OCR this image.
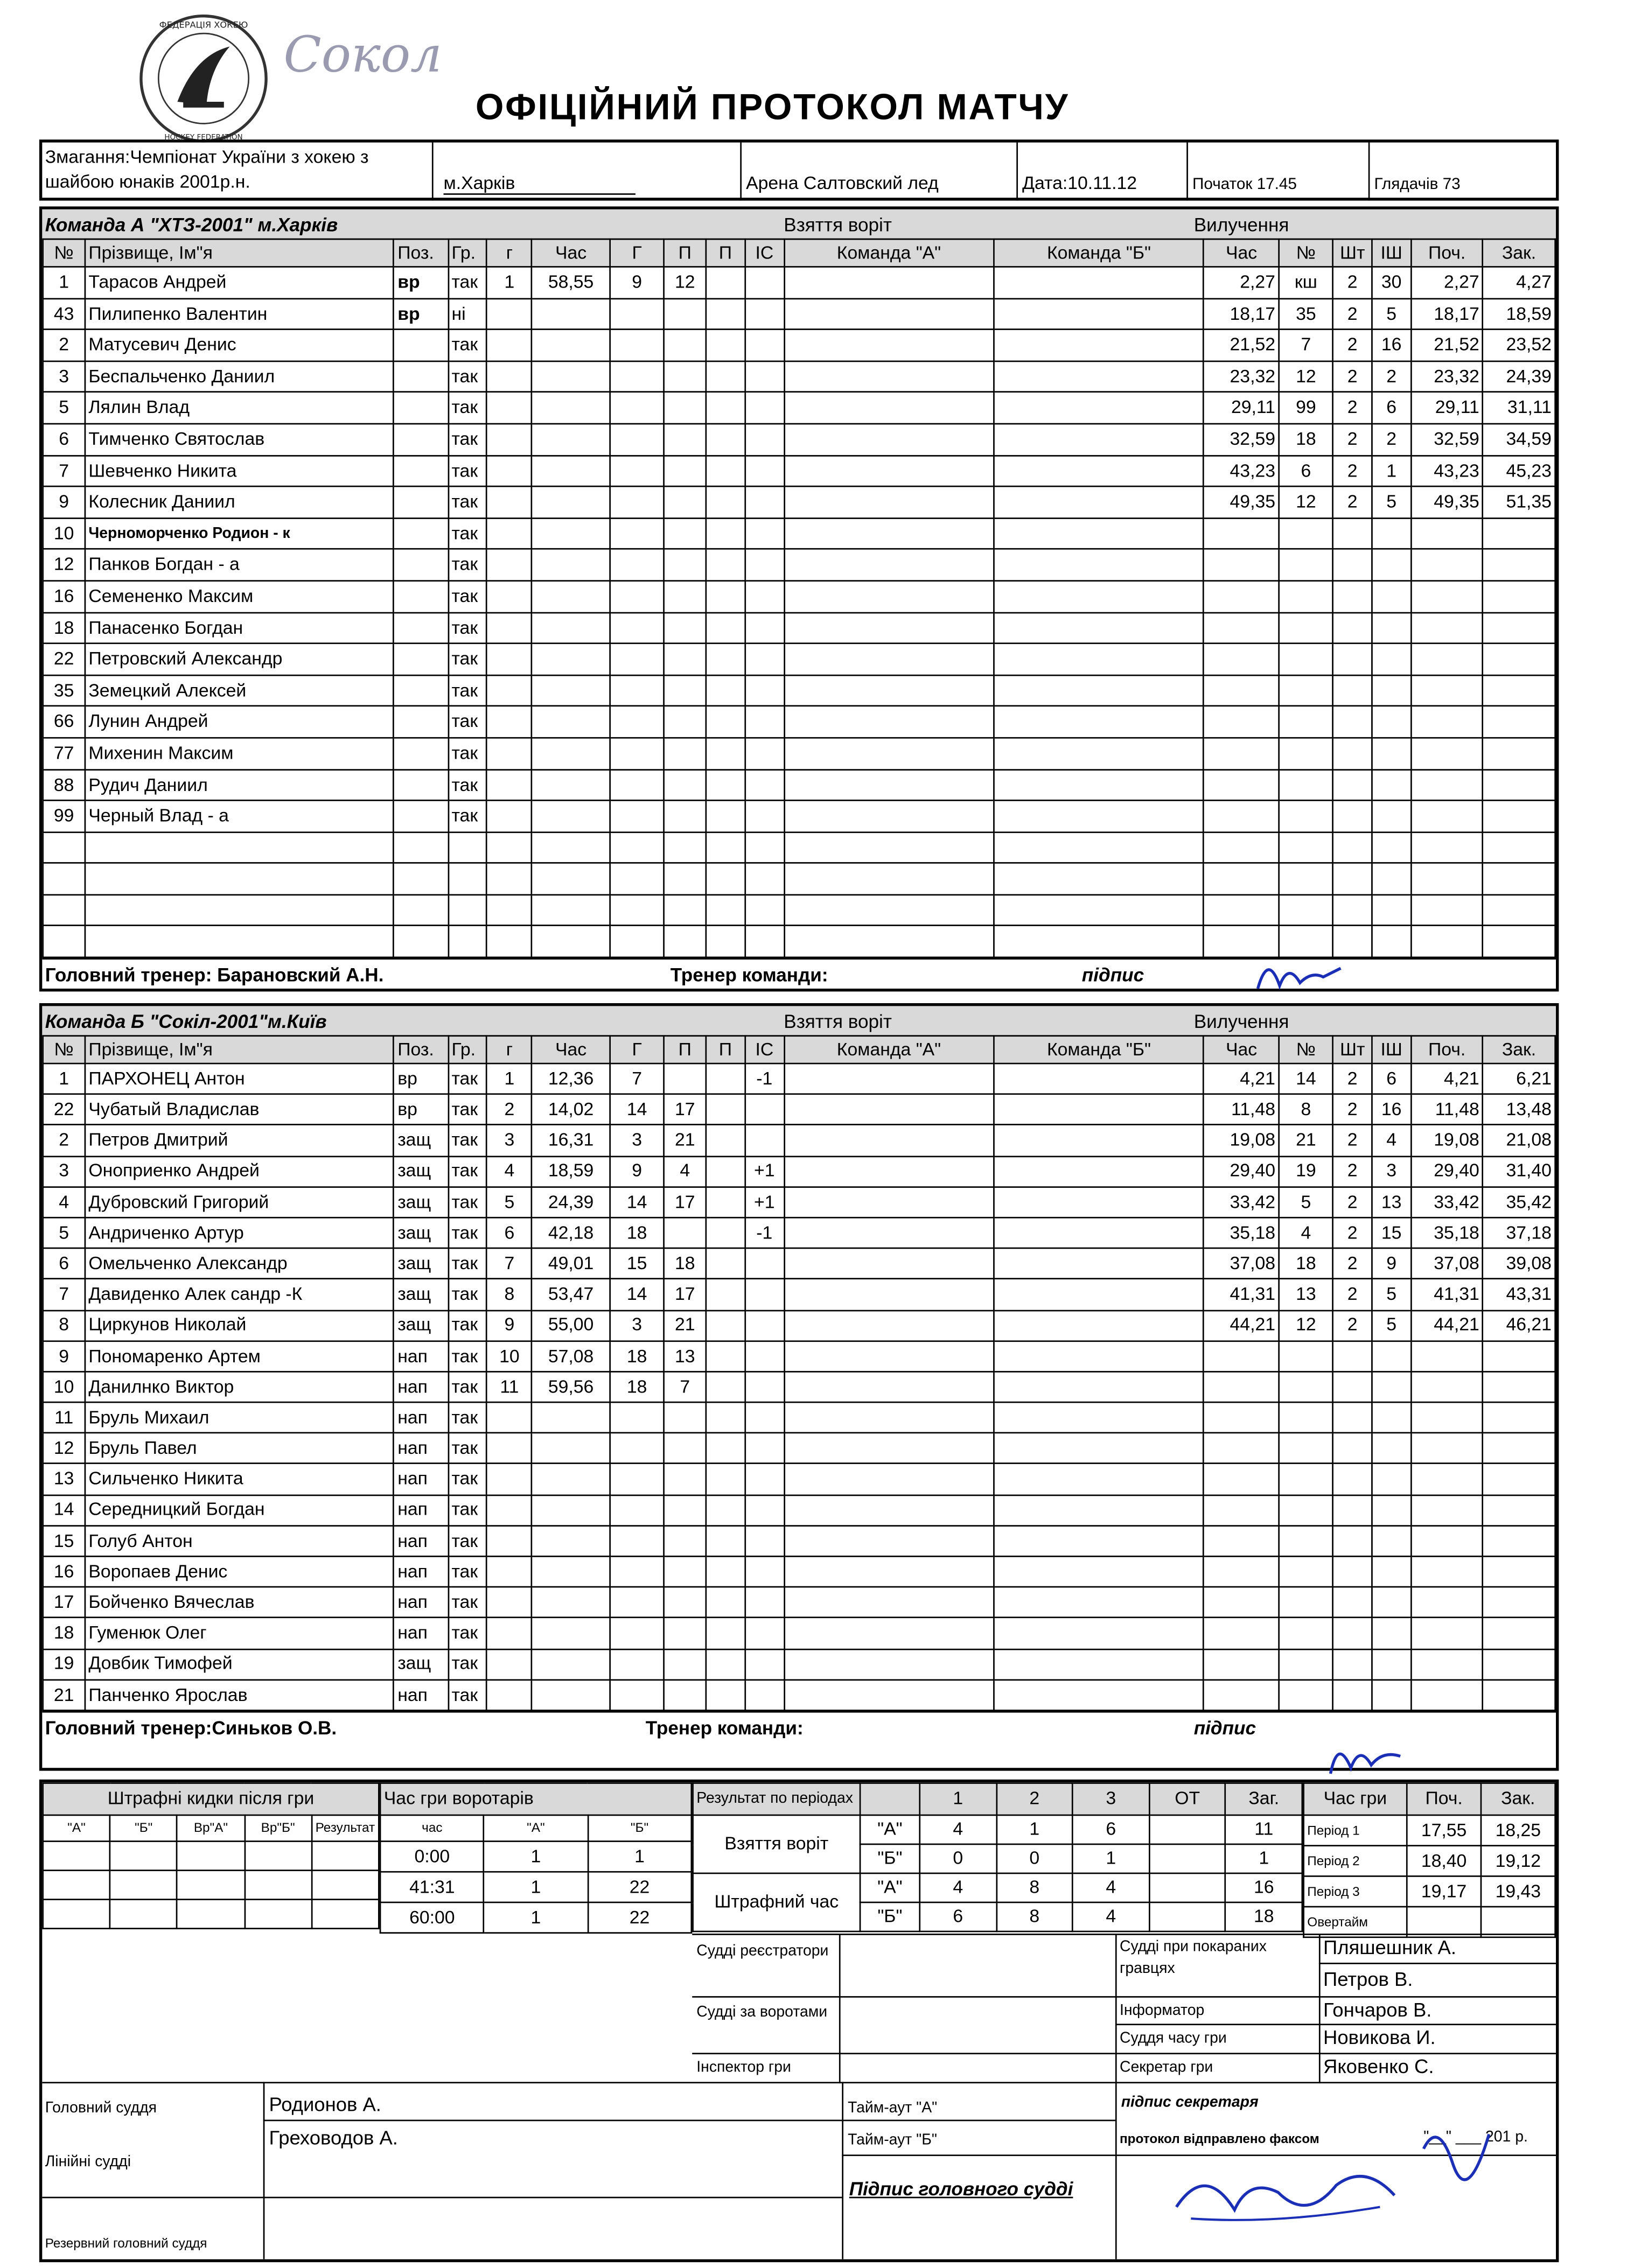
ФЕДЕРАЦІЯ ХОКЕЮ
HOCKEY FEDERATION
Сокол
ОФІЦІЙНИЙ ПРОТОКОЛ МАТЧУ
Змагання:Чемпіонат України з хокею з шайбою юнаків 2001р.н.	м.Харків	Арена Салтовский лед	Дата:10.11.12	Початок 17.45	Глядачів 73
Команда А "ХТЗ-2001" м.Харків	Взяття воріт	Вилучення
№	Прізвище, Ім"я	Поз.	Гр.	г	Час	Г	П	П	ІС	Команда "А"	Команда "Б"	Час	№	Шт	ІШ	Поч.	Зак.
1	Тарасов Андрей	вр	так	1	58,55	9	12					2,27	кш	2	30	2,27	4,27
43	Пилипенко Валентин	вр	ні									18,17	35	2	5	18,17	18,59
2	Матусевич Денис		так									21,52	7	2	16	21,52	23,52
3	Беспальченко Даниил		так									23,32	12	2	2	23,32	24,39
5	Лялин Влад		так									29,11	99	2	6	29,11	31,11
6	Тимченко Святослав		так									32,59	18	2	2	32,59	34,59
7	Шевченко Никита		так									43,23	6	2	1	43,23	45,23
9	Колесник Даниил		так									49,35	12	2	5	49,35	51,35
10	Черноморченко Родион - к		так														
12	Панков Богдан - а		так														
16	Семененко Максим		так														
18	Панасенко Богдан		так														
22	Петровский Александр		так														
35	Земецкий Алексей		так														
66	Лунин Андрей		так														
77	Михенин Максим		так														
88	Рудич Даниил		так														
99	Черный Влад - а		так														

Головний тренер: Барановский А.Н.	Тренер команди:	підпис
Команда Б "Сокіл-2001"м.Київ	Взяття воріт	Вилучення
№	Прізвище, Ім"я	Поз.	Гр.	г	Час	Г	П	П	ІС	Команда "А"	Команда "Б"	Час	№	Шт	ІШ	Поч.	Зак.
1	ПАРХОНЕЦ Антон	вр	так	1	12,36	7			-1			4,21	14	2	6	4,21	6,21
22	Чубатый Владислав	вр	так	2	14,02	14	17					11,48	8	2	16	11,48	13,48
2	Петров Дмитрий	защ	так	3	16,31	3	21					19,08	21	2	4	19,08	21,08
3	Оноприенко Андрей	защ	так	4	18,59	9	4		+1			29,40	19	2	3	29,40	31,40
4	Дубровский Григорий	защ	так	5	24,39	14	17		+1			33,42	5	2	13	33,42	35,42
5	Андриченко Артур	защ	так	6	42,18	18			-1			35,18	4	2	15	35,18	37,18
6	Омельченко Александр	защ	так	7	49,01	15	18					37,08	18	2	9	37,08	39,08
7	Давиденко Алек сандр -К	защ	так	8	53,47	14	17					41,31	13	2	5	41,31	43,31
8	Циркунов Николай	защ	так	9	55,00	3	21					44,21	12	2	5	44,21	46,21
9	Пономаренко Артем	нап	так	10	57,08	18	13										
10	Данилнко Виктор	нап	так	11	59,56	18	7										
11	Бруль Михаил	нап	так														
12	Бруль Павел	нап	так														
13	Сильченко Никита	нап	так														
14	Середницкий Богдан	нап	так														
15	Голуб Антон	нап	так														
16	Воропаев Денис	нап	так														
17	Бойченко Вячеслав	нап	так														
18	Гуменюк Олег	нап	так														
19	Довбик Тимофей	защ	так														
21	Панченко Ярослав	нап	так														
Головний тренер:Синьков О.В.	Тренер команди:	підпис
Штрафні кидки після гри				
"А"	"Б"	Вр"А"	Вр"Б"	Результат

Час гри воротарів		
час	"А"	"Б"
0:00	1	1
41:31	1	22
60:00	1	22
Результат по періодах		1	2	3	ОТ	Заг.
Взяття воріт	"А"	4	1	6		11
	"Б"	0	0	1		1
Штрафний час	"А"	4	8	4		16
	"Б"	6	8	4		18
Час гри	Поч.	Зак.
Період 1	17,55	18,25
Період 2	18,40	19,12
Період 3	19,17	19,43
Овертайм		
Судді реєстратори
Судді за воротами
Інспектор гри
Судді при покараних гравцях
Пляшешник А.
Петров В.
Інформатор	Гончаров В.
Суддя часу гри	Новикова И.
Секретар гри	Яковенко С.
Головний суддя	Родионов А.
Лінійні судді
Греховодов А.
Резервний головний суддя
Тайм-аут "А"
Тайм-аут "Б"
підпис секретаря
протокол відправлено факсом	"__" ___ 201 р.
Підпис головного судді
